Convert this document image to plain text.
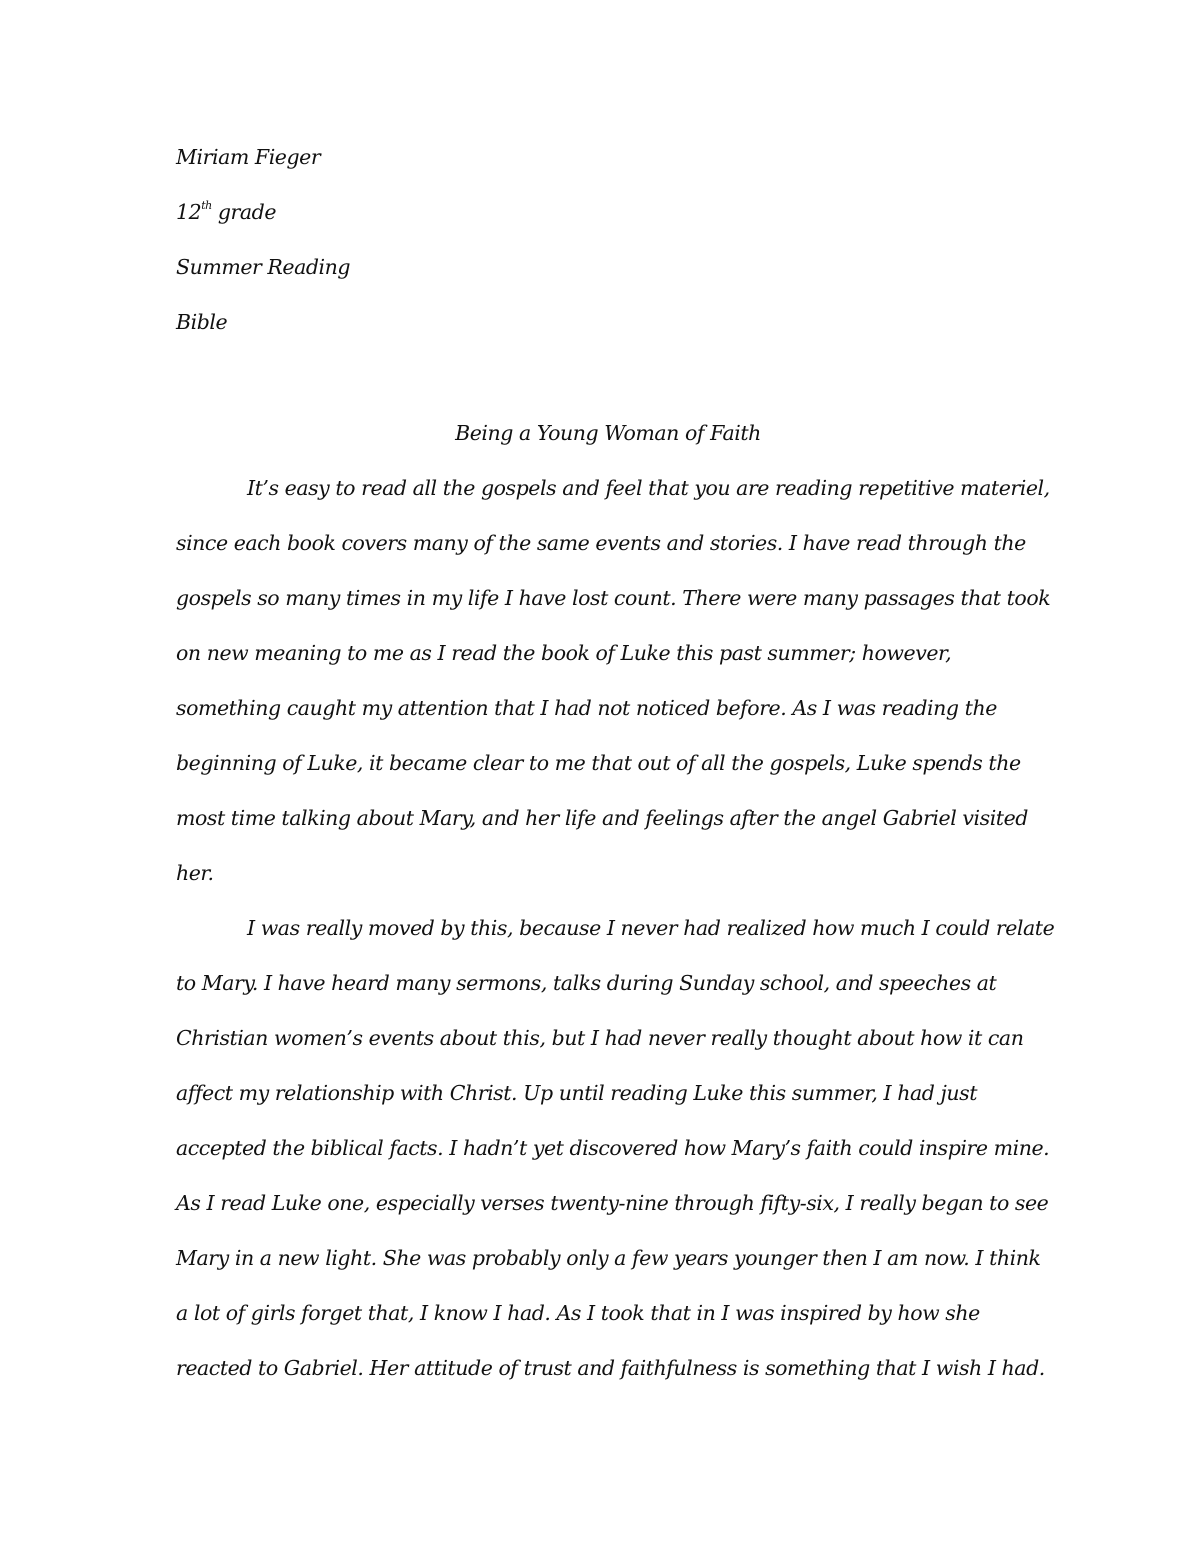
Miriam Fieger
12th grade
Summer Reading
Bible
Being a Young Woman of Faith
It’s easy to read all the gospels and feel that you are reading repetitive materiel,
since each book covers many of the same events and stories. I have read through the
gospels so many times in my life I have lost count. There were many passages that took
on new meaning to me as I read the book of Luke this past summer; however,
something caught my attention that I had not noticed before. As I was reading the
beginning of Luke, it became clear to me that out of all the gospels, Luke spends the
most time talking about Mary, and her life and feelings after the angel Gabriel visited
her.
I was really moved by this, because I never had realized how much I could relate
to Mary. I have heard many sermons, talks during Sunday school, and speeches at
Christian women’s events about this, but I had never really thought about how it can
affect my relationship with Christ. Up until reading Luke this summer, I had just
accepted the biblical facts. I hadn’t yet discovered how Mary’s faith could inspire mine.
As I read Luke one, especially verses twenty-nine through fifty-six, I really began to see
Mary in a new light. She was probably only a few years younger then I am now. I think
a lot of girls forget that, I know I had. As I took that in I was inspired by how she
reacted to Gabriel. Her attitude of trust and faithfulness is something that I wish I had.
